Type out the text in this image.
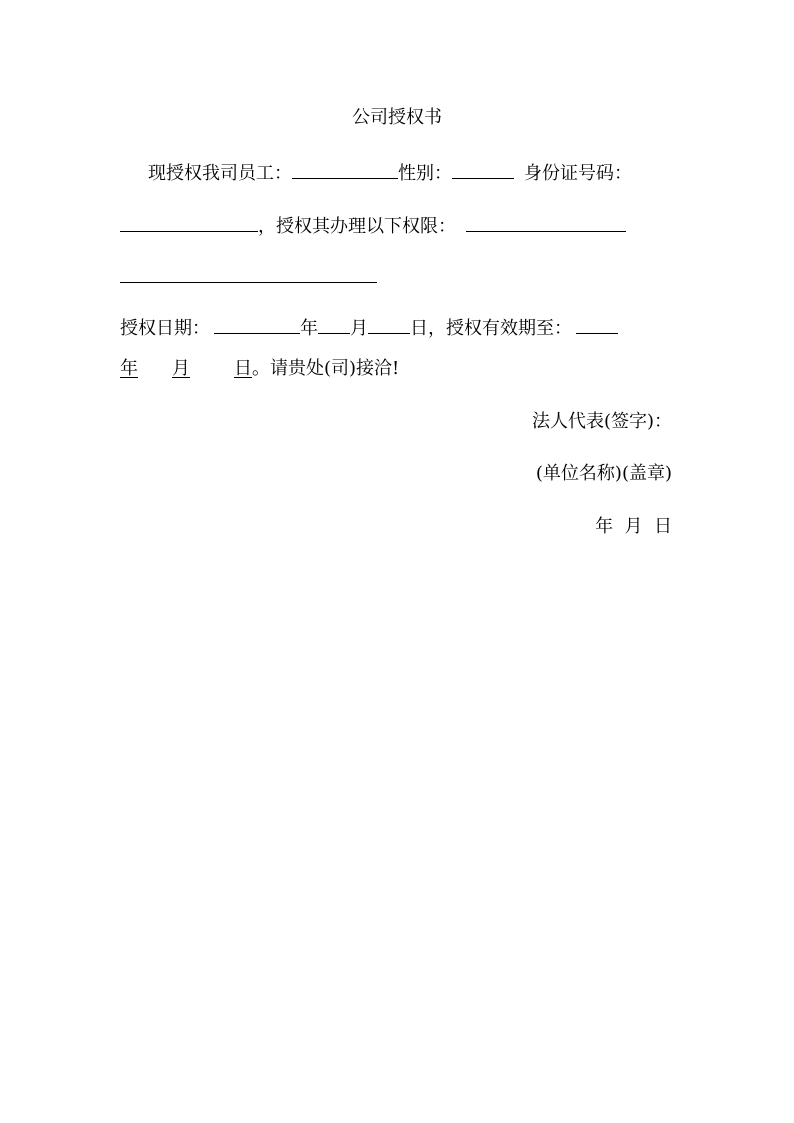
公司授权书
现授权我司员工：	性别：	身份证号码：
，授权其办理以下权限：
授权日期：	年 月 日，授权有效期至：
年 月 日。请贵处(司)接洽!
法人代表(签字)：
(单位名称)(盖章)
年  月  日
